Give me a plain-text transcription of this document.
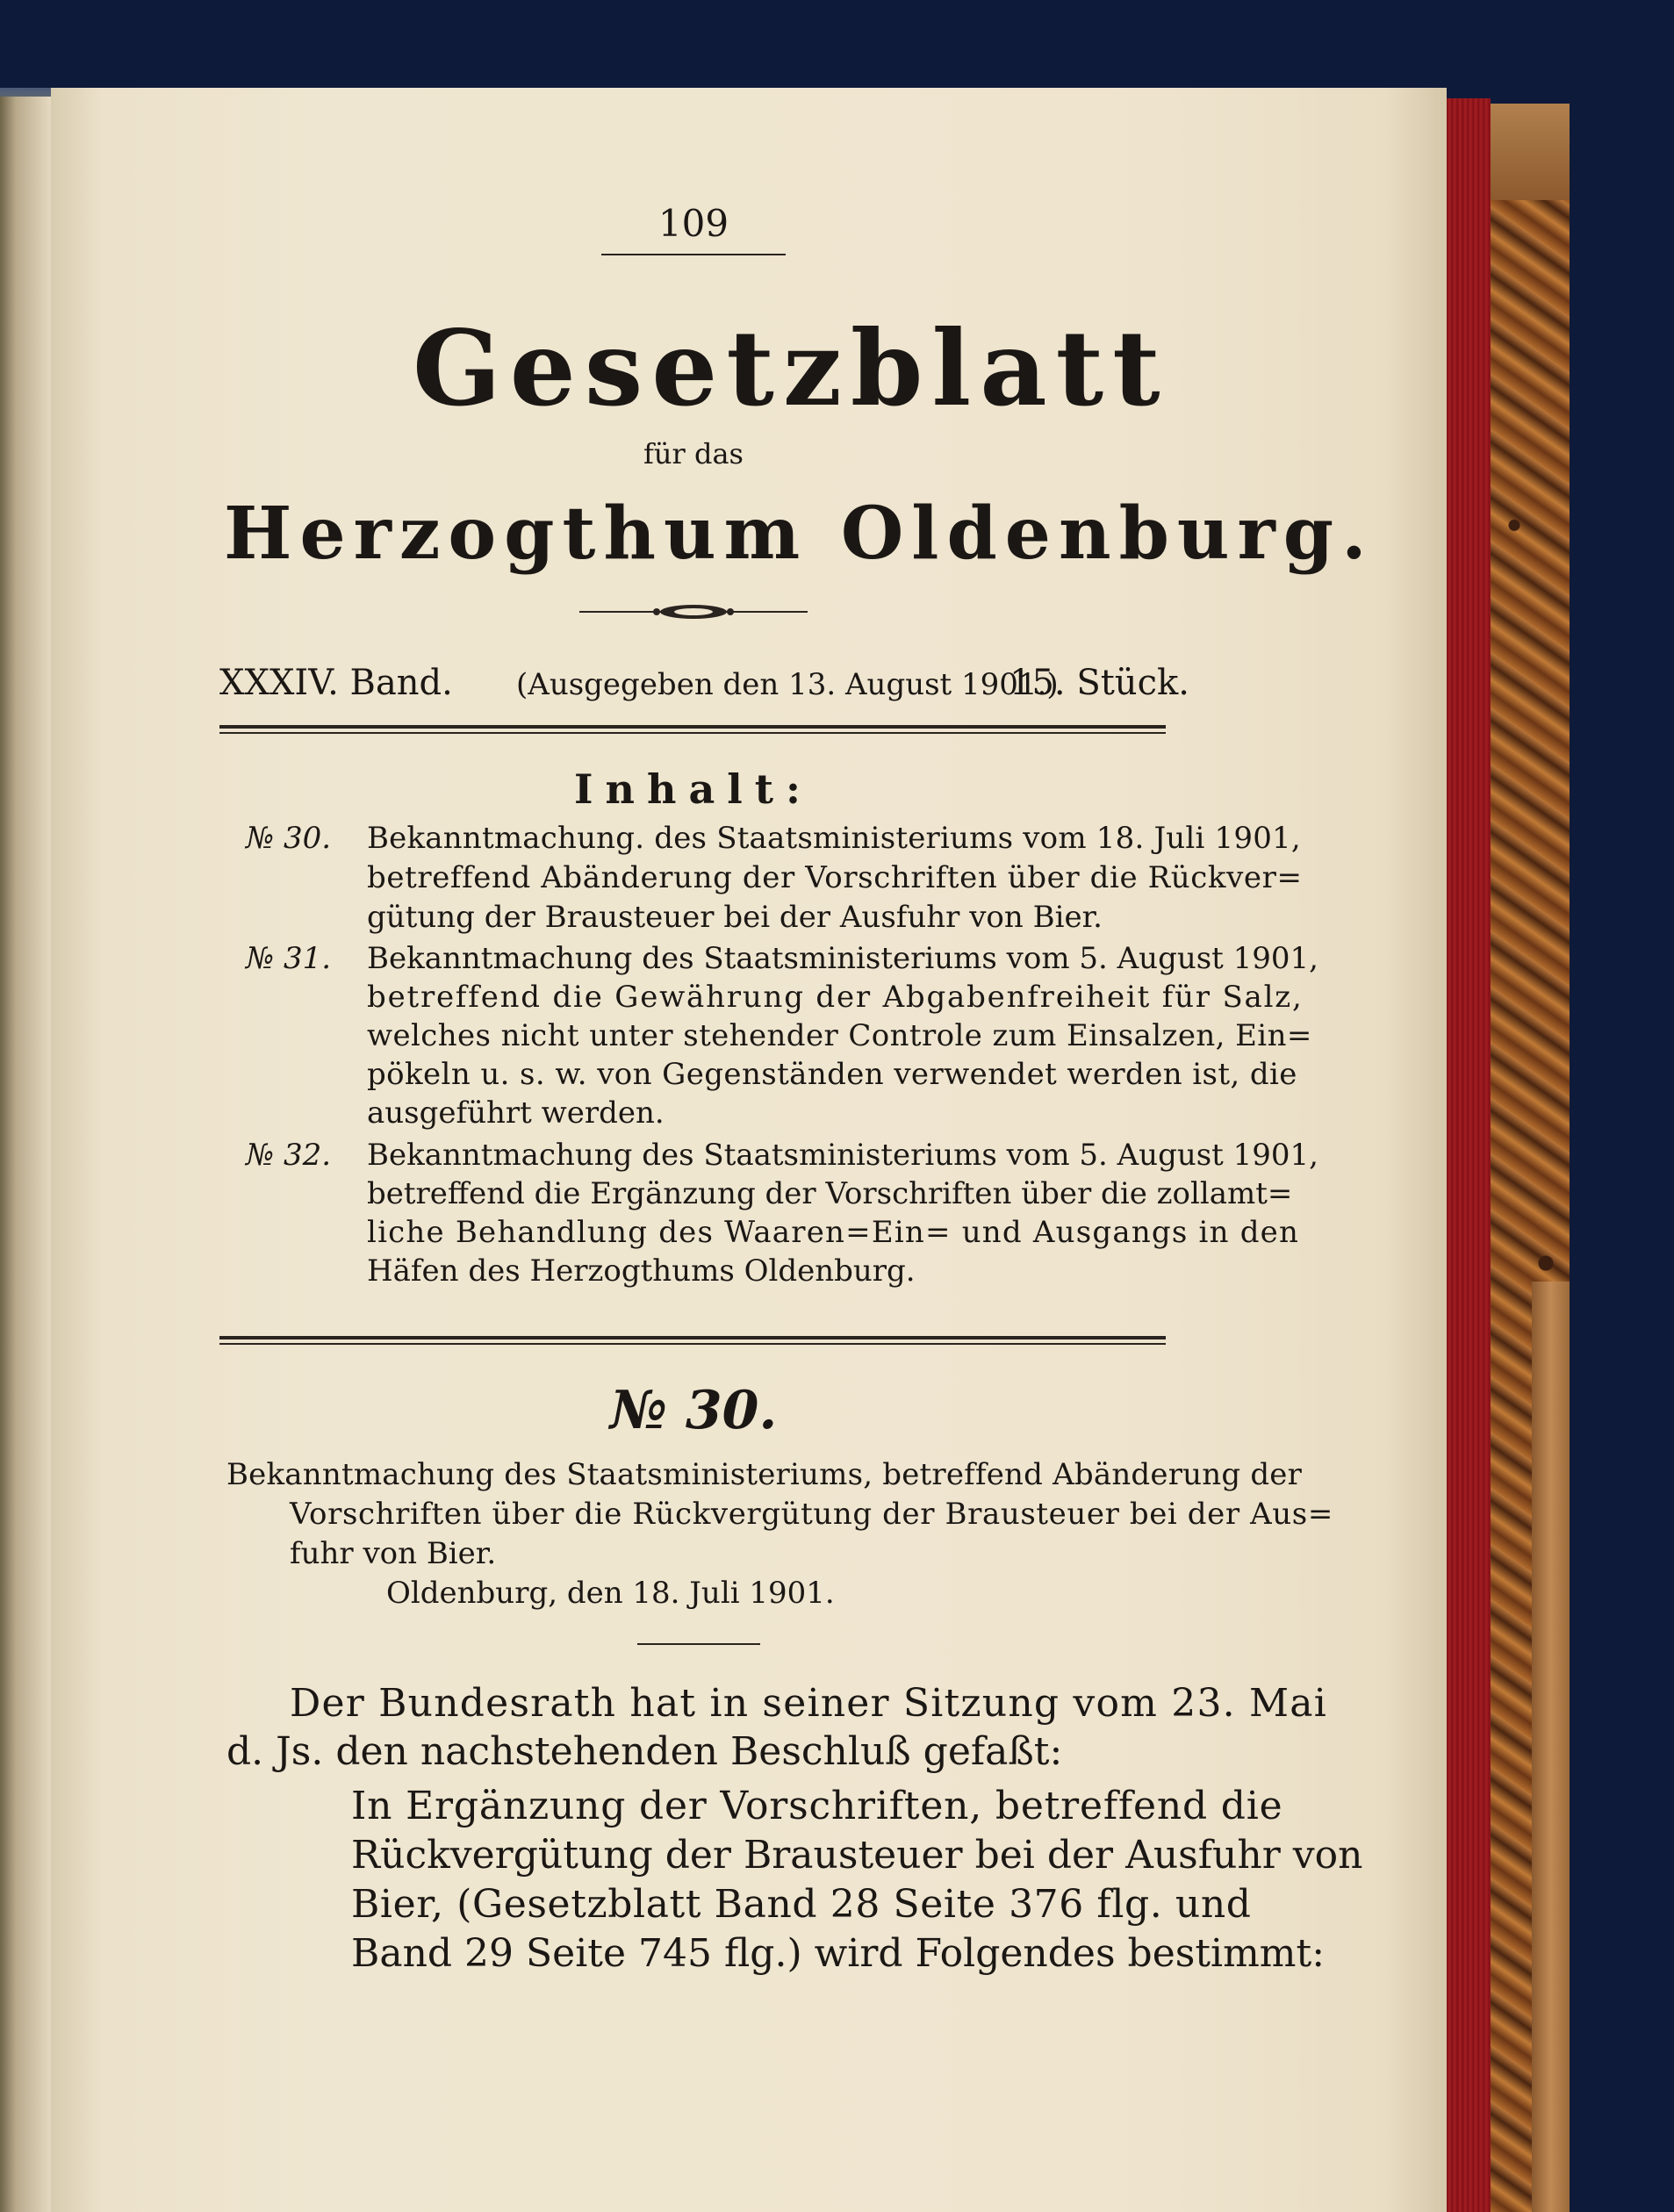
109
Gesetzblatt
für das
Herzogthum Oldenburg.
XXXIV. Band. (Ausgegeben den 13. August 1901.)
15. Stück.
Inhalt:
№ 30. Bekanntmachung. des Staatsministeriums vom 18. Juli 1901,
betreffend Abänderung der Vorschriften über die Rückver=
gütung der Brausteuer bei der Ausfuhr von Bier.
№ 31. Bekanntmachung des Staatsministeriums vom 5. August 1901,
betreffend die Gewährung der Abgabenfreiheit für Salz,
welches nicht unter stehender Controle zum Einsalzen, Ein=
pökeln u. s. w. von Gegenständen verwendet werden ist, die
ausgeführt werden.
№ 32. Bekanntmachung des Staatsministeriums vom 5. August 1901,
betreffend die Ergänzung der Vorschriften über die zollamt=
liche Behandlung des Waaren=Ein= und Ausgangs in den
Häfen des Herzogthums Oldenburg.
№ 30.
Bekanntmachung des Staatsministeriums, betreffend Abänderung der
Vorschriften über die Rückvergütung der Brausteuer bei der Aus=
fuhr von Bier.
Oldenburg, den 18. Juli 1901.
Der Bundesrath hat in seiner Sitzung vom 23. Mai
d. Js. den nachstehenden Beschluß gefaßt:
In Ergänzung der Vorschriften, betreffend die
Rückvergütung der Brausteuer bei der Ausfuhr von
Bier, (Gesetzblatt Band 28 Seite 376 flg. und
Band 29 Seite 745 flg.) wird Folgendes bestimmt:
